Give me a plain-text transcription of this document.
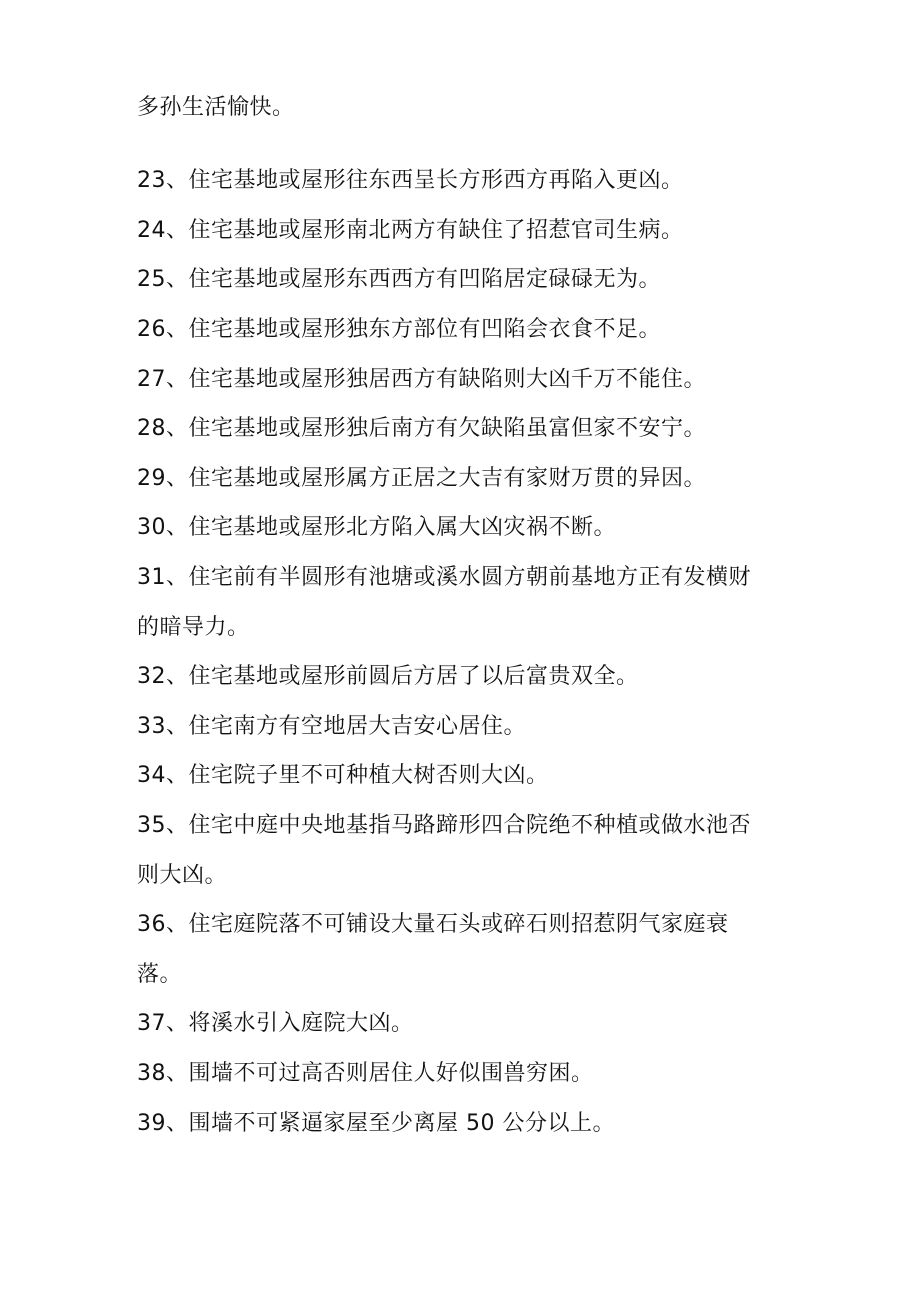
多孙生活愉快。
23、住宅基地或屋形往东西呈长方形西方再陷入更凶。
24、住宅基地或屋形南北两方有缺住了招惹官司生病。
25、住宅基地或屋形东西西方有凹陷居定碌碌无为。
26、住宅基地或屋形独东方部位有凹陷会衣食不足。
27、住宅基地或屋形独居西方有缺陷则大凶千万不能住。
28、住宅基地或屋形独后南方有欠缺陷虽富但家不安宁。
29、住宅基地或屋形属方正居之大吉有家财万贯的异因。
30、住宅基地或屋形北方陷入属大凶灾祸不断。
31、住宅前有半圆形有池塘或溪水圆方朝前基地方正有发横财
的暗导力。
32、住宅基地或屋形前圆后方居了以后富贵双全。
33、住宅南方有空地居大吉安心居住。
34、住宅院子里不可种植大树否则大凶。
35、住宅中庭中央地基指马路蹄形四合院绝不种植或做水池否
则大凶。
36、住宅庭院落不可铺设大量石头或碎石则招惹阴气家庭衰
落。
37、将溪水引入庭院大凶。
38、围墙不可过高否则居住人好似围兽穷困。
39、围墙不可紧逼家屋至少离屋 50 公分以上。
